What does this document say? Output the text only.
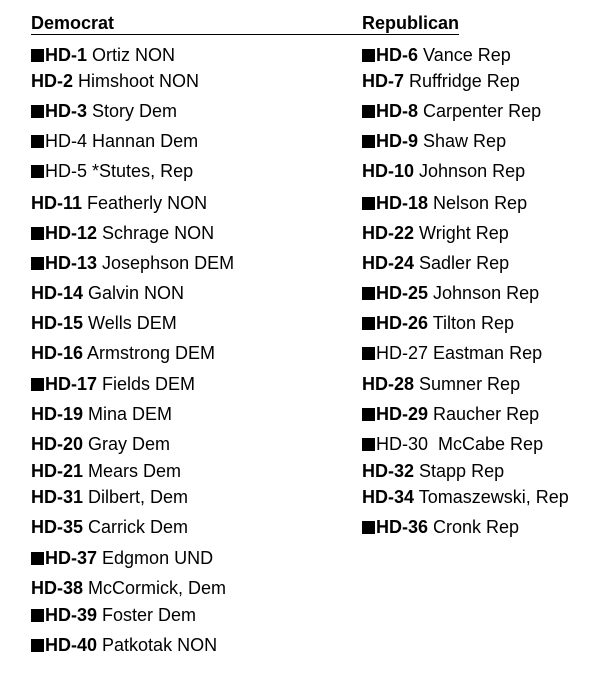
Democrat	Republican
HD-1 Ortiz NON
HD-2 Himshoot NON
HD-3 Story Dem
HD-4 Hannan Dem
HD-5 *Stutes, Rep
HD-11 Featherly NON
HD-12 Schrage NON
HD-13 Josephson DEM
HD-14 Galvin NON
HD-15 Wells DEM
HD-16 Armstrong DEM
HD-17 Fields DEM
HD-19 Mina DEM
HD-20 Gray Dem
HD-21 Mears Dem
HD-31 Dilbert, Dem
HD-35 Carrick Dem
HD-37 Edgmon UND
HD-38 McCormick, Dem
HD-39 Foster Dem
HD-40 Patkotak NON
HD-6 Vance Rep
HD-7 Ruffridge Rep
HD-8 Carpenter Rep
HD-9 Shaw Rep
HD-10 Johnson Rep
HD-18 Nelson Rep
HD-22 Wright Rep
HD-24 Sadler Rep
HD-25 Johnson Rep
HD-26 Tilton Rep
HD-27 Eastman Rep
HD-28 Sumner Rep
HD-29 Raucher Rep
HD-30  McCabe Rep
HD-32 Stapp Rep
HD-34 Tomaszewski, Rep
HD-36 Cronk Rep
